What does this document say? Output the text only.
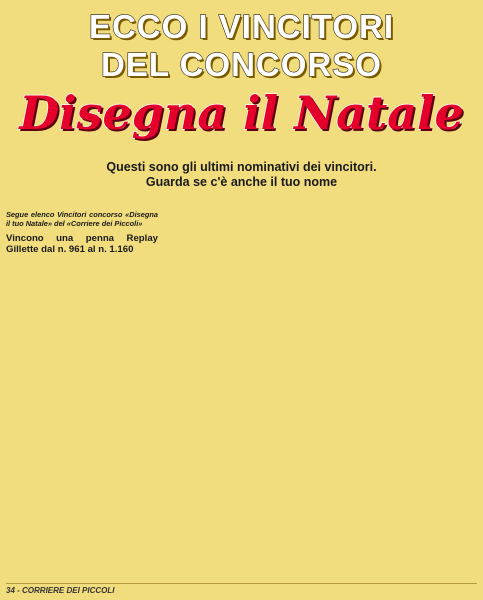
ECCO I VINCITORI
DEL CONCORSO
Disegna il Natale
Questi sono gli ultimi nominativi dei vincitori.
Guarda se c'è anche il tuo nome
Segue elenco Vincitori concorso «Disegna il tuo Natale» del «Corriere dei Piccoli»
Vincono una penna Replay Gillette dal n. 961 al n. 1.160
34 - CORRIERE DEI PICCOLI
